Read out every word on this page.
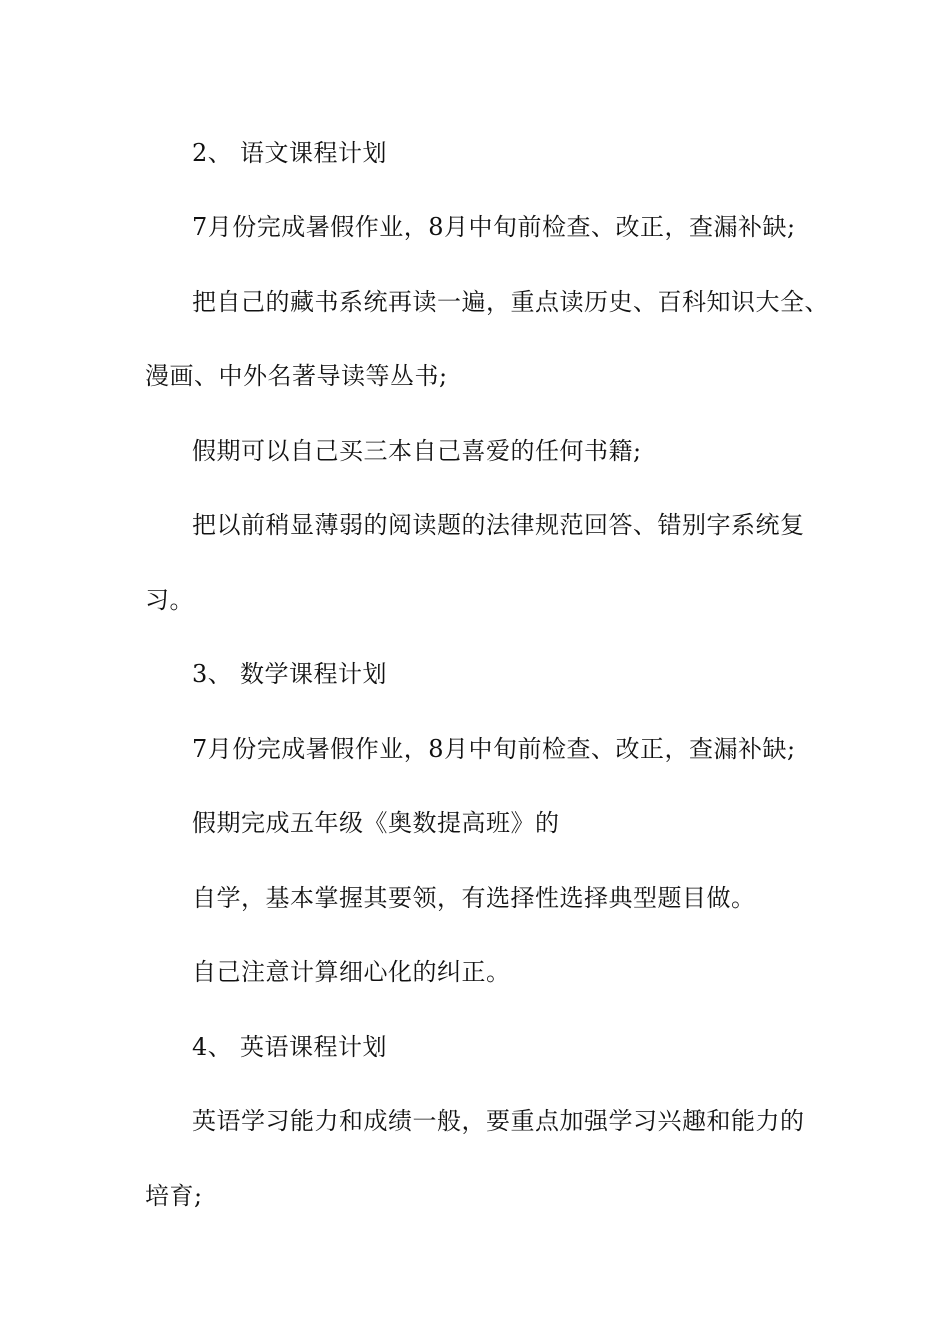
2、 语文课程计划
7月份完成暑假作业，8月中旬前检查、改正，查漏补缺;
把自己的藏书系统再读一遍，重点读历史、百科知识大全、
漫画、中外名著导读等丛书;
假期可以自己买三本自己喜爱的任何书籍;
把以前稍显薄弱的阅读题的法律规范回答、错别字系统复
习。
3、 数学课程计划
7月份完成暑假作业，8月中旬前检查、改正，查漏补缺;
假期完成五年级《奥数提高班》的
自学，基本掌握其要领，有选择性选择典型题目做。
自己注意计算细心化的纠正。
4、 英语课程计划
英语学习能力和成绩一般，要重点加强学习兴趣和能力的
培育;
